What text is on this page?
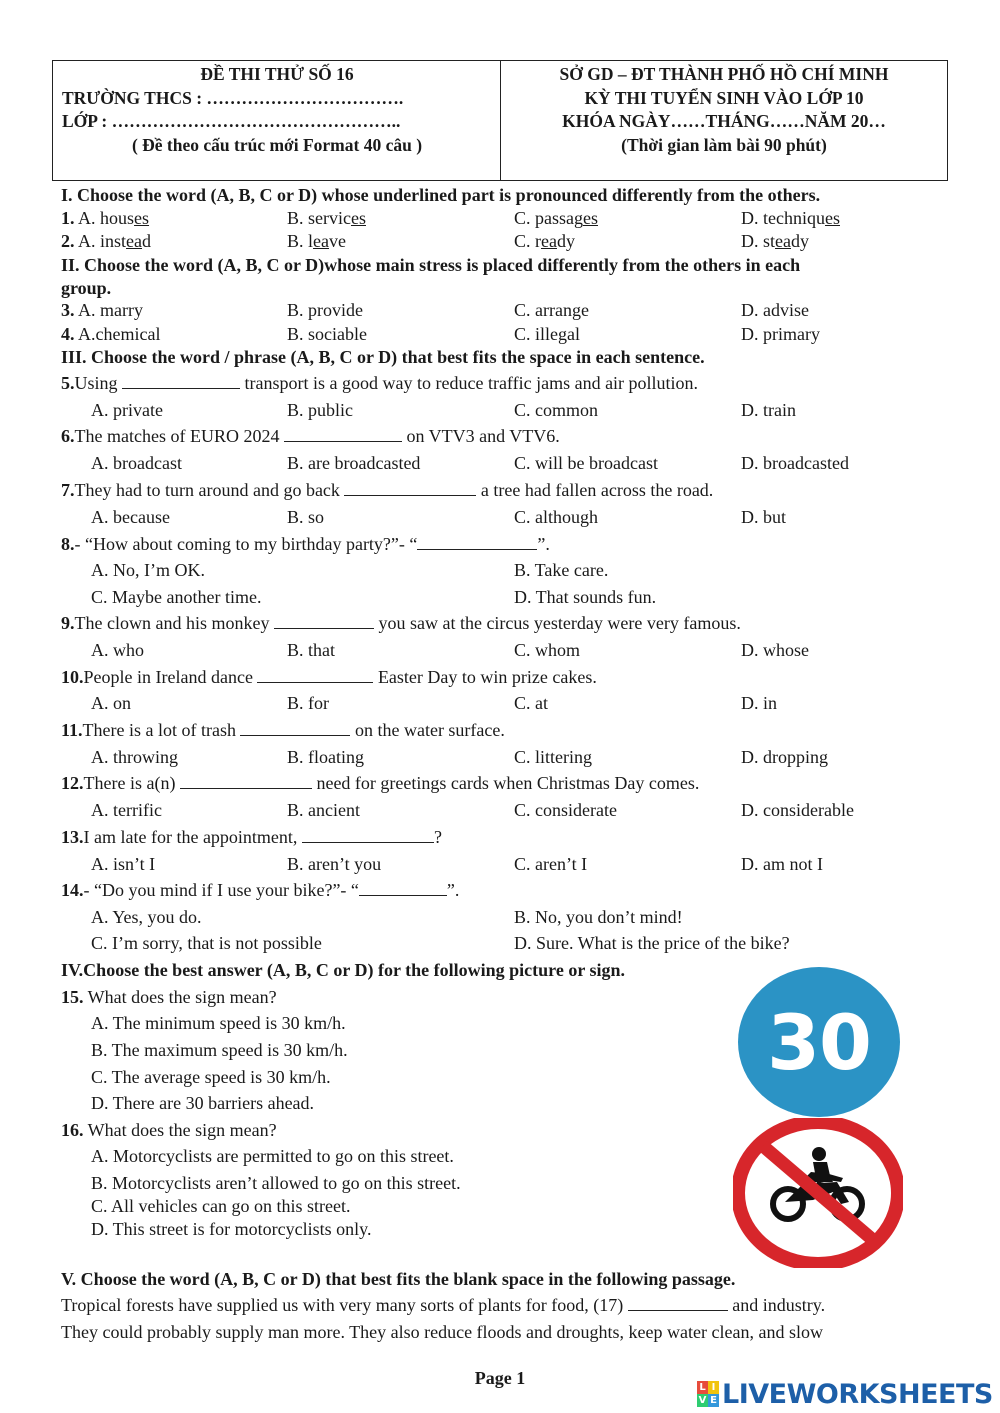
ĐỀ THI THỬ SỐ 16
TRƯỜNG THCS : …………………………….
LỚP : …………………………………………..
( Đề theo cấu trúc mới Format 40 câu )
SỞ GD – ĐT THÀNH PHỐ HỒ CHÍ MINH
KỲ THI TUYỂN SINH VÀO LỚP 10
KHÓA NGÀY……THÁNG……NĂM 20…
(Thời gian làm bài 90 phút)
I. Choose the word (A, B, C or D) whose underlined part is pronounced differently from the others.
1. A. houses	B. services	C. passages	D. techniques
2. A. instead	B. leave	C. ready	D. steady
II. Choose the word (A, B, C or D)whose main stress is placed differently from the others in each
group.
3. A. marry	B. provide	C. arrange	D. advise
4. A.chemical	B. sociable	C. illegal	D. primary
III. Choose the word / phrase (A, B, C or D) that best fits the space in each sentence.
5.Using	transport is a good way to reduce traffic jams and air pollution.
A. private	B. public	C. common	D. train
6.The matches of EURO 2024	on VTV3 and VTV6.
A. broadcast	B. are broadcasted	C. will be broadcast	D. broadcasted
7.They had to turn around and go back	a tree had fallen across the road.
A. because	B. so	C. although	D. but
8.- “How about coming to my birthday party?”- “	”.
A. No, I’m OK.	B. Take care.
C. Maybe another time.	D. That sounds fun.
9.The clown and his monkey	you saw at the circus yesterday were very famous.
A. who	B. that	C. whom	D. whose
10.People in Ireland dance	Easter Day to win prize cakes.
A. on	B. for	C. at	D. in
11.There is a lot of trash	on the water surface.
A. throwing	B. floating	C. littering	D. dropping
12.There is a(n)	need for greetings cards when Christmas Day comes.
A. terrific	B. ancient	C. considerate	D. considerable
13.I am late for the appointment,	?
A. isn’t I	B. aren’t you	C. aren’t I	D. am not I
14.- “Do you mind if I use your bike?”- “	”.
A. Yes, you do.	B. No, you don’t mind!
C. I’m sorry, that is not possible	D. Sure. What is the price of the bike?
IV.Choose the best answer (A, B, C or D) for the following picture or sign.
15. What does the sign mean?
A. The minimum speed is 30 km/h.
B. The maximum speed is 30 km/h.
C. The average speed is 30 km/h.
D. There are 30 barriers ahead.
30
16. What does the sign mean?
A. Motorcyclists are permitted to go on this street.
B. Motorcyclists aren’t allowed to go on this street.
C. All vehicles can go on this street.
D. This street is for motorcyclists only.
V. Choose the word (A, B, C or D) that best fits the blank space in the following passage.
Tropical forests have supplied us with very many sorts of plants for food, (17)	and industry.
They could probably supply man more. They also reduce floods and droughts, keep water clean, and slow
Page 1	L I
V E LIVEWORKSHEETS
